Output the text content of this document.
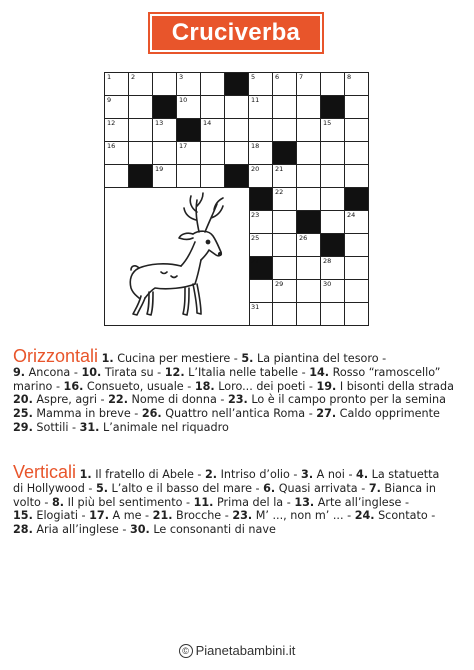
Cruciverba
1	2	3	5	6	7	8
9	10	11
12	13	14	15
16	17	18
19	20 21
22
23	24
25	26
27	28
29	30
31
Orizzontali 1. Cucina per mestiere - 5. La piantina del tesoro -
9. Ancona - 10. Tirata su - 12. L’Italia nelle tabelle - 14. Rosso “ramoscello”
marino - 16. Consueto, usuale - 18. Loro... dei poeti - 19. I bisonti della strada
20. Aspre, agri - 22. Nome di donna - 23. Lo è il campo pronto per la semina
25. Mamma in breve - 26. Quattro nell’antica Roma - 27. Caldo opprimente
29. Sottili - 31. L’animale nel riquadro
Verticali 1. Il fratello di Abele - 2. Intriso d’olio - 3. A noi - 4. La statuetta
di Hollywood - 5. L’alto e il basso del mare - 6. Quasi arrivata - 7. Bianca in
volto - 8. Il più bel sentimento - 11. Prima del la - 13. Arte all’inglese -
15. Elogiati - 17. A me - 21. Brocche - 23. M’ ..., non m’ ... - 24. Scontato -
28. Aria all’inglese - 30. Le consonanti di nave
© Pianetabambini.it
